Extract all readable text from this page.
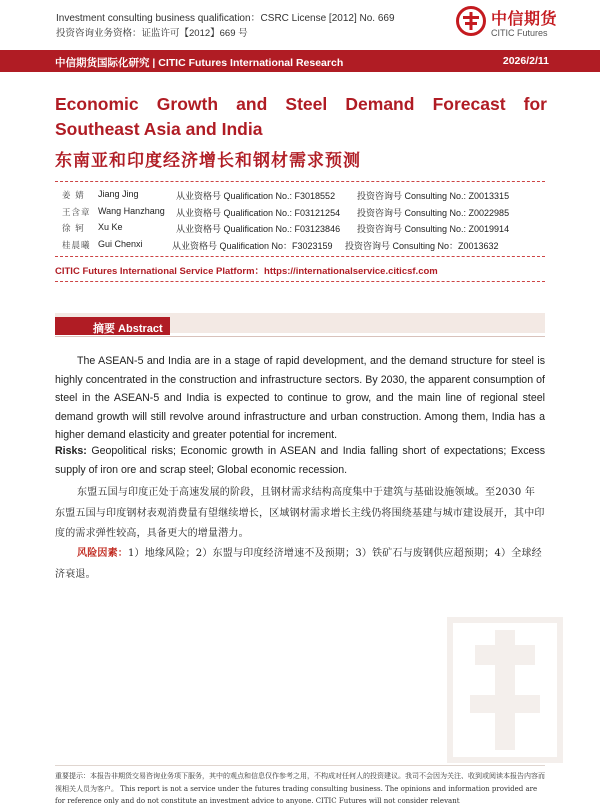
Investment consulting business qualification：CSRC License [2012] No. 669
投资咨询业务资格：证监许可【2012】669 号
中信期货
CITIC Futures
中信期货国际化研究 | CITIC Futures International Research	2026/2/11
Economic Growth and Steel Demand Forecast for Southeast Asia and India
东南亚和印度经济增长和钢材需求预测
姜 婧 Jiang Jing	从业资格号 Qualification No.: F3018552 投资咨询号 Consulting No.: Z0013315
王含章 Wang Hanzhang 从业资格号 Qualification No.: F03121254 投资咨询号 Consulting No.: Z0022985
徐 轲 Xu Ke	从业资格号 Qualification No.: F03123846 投资咨询号 Consulting No.: Z0019914
桂晨曦 Gui Chenxi	从业资格号 Qualification No：F3023159 投资咨询号 Consulting No：Z0013632
CITIC Futures International Service Platform：https://internationalservice.citicsf.com
摘要 Abstract
The ASEAN-5 and India are in a stage of rapid development, and the demand structure for steel is highly concentrated in the construction and infrastructure sectors. By 2030, the apparent consumption of steel in the ASEAN-5 and India is expected to continue to grow, and the main line of regional steel demand growth will still revolve around infrastructure and urban construction. Among them, India has a higher demand elasticity and greater potential for increment.
Risks: Geopolitical risks; Economic growth in ASEAN and India falling short of expectations; Excess supply of iron ore and scrap steel; Global economic recession.
东盟五国与印度正处于高速发展的阶段，且钢材需求结构高度集中于建筑与基础设施领域。至2030 年东盟五国与印度钢材表观消费量有望继续增长，区域钢材需求增长主线仍将围绕基建与城市建设展开，其中印度的需求弹性较高，具备更大的增量潜力。
风险因素：1）地缘风险；2）东盟与印度经济增速不及预期；3）铁矿石与废钢供应超预期；4）全球经济衰退。
重要提示：本报告非期货交易咨询业务项下服务，其中的观点和信息仅作参考之用，不构成对任何人的投资建议。我司不会因为关注、收到或阅读本报告内容而视相关人员为客户。 This report is not a service under the futures trading consulting business. The opinions and information provided are for reference only and do not constitute an investment advice to anyone. CITIC Futures will not consider relevant
